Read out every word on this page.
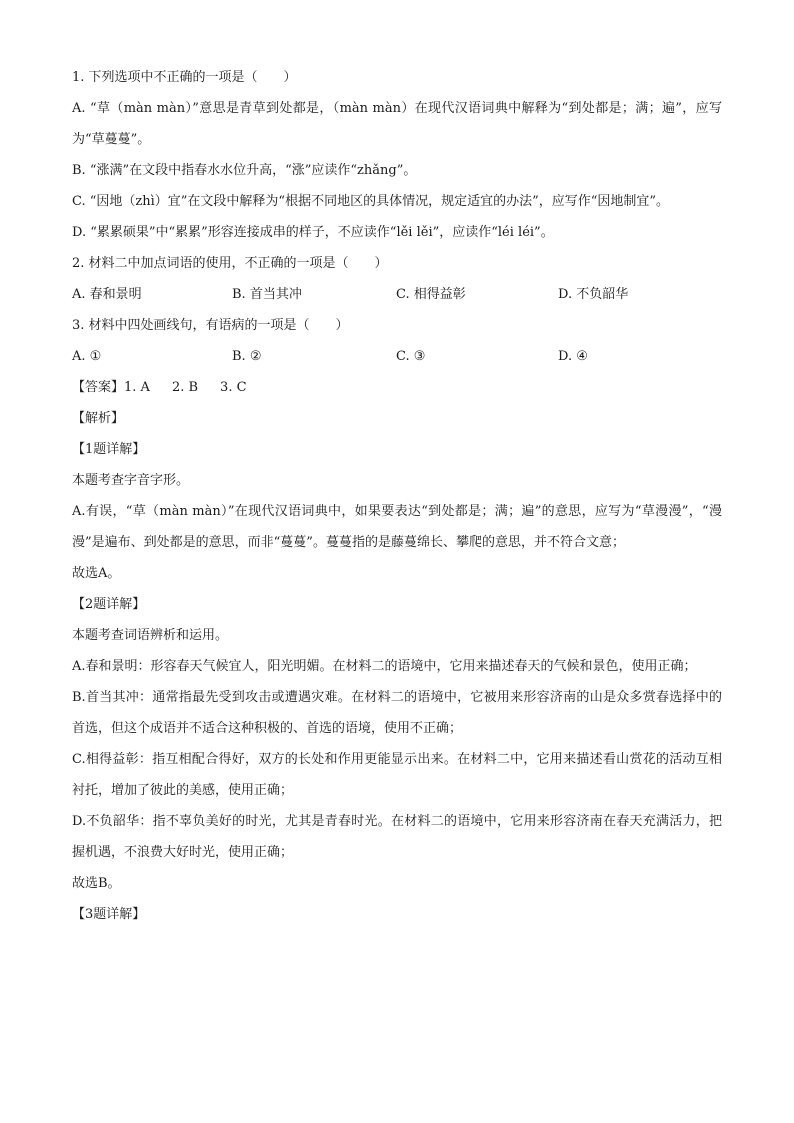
1. 下列选项中不正确的一项是（　　）
A. “草（màn màn）”意思是青草到处都是，（màn màn）在现代汉语词典中解释为“到处都是；满；遍”，应写为“草蔓蔓”。
B. “涨满”在文段中指春水水位升高，“涨”应读作“zhǎng”。
C. “因地（zhì）宜”在文段中解释为“根据不同地区的具体情况，规定适宜的办法”，应写作“因地制宜”。
D. “累累硕果”中“累累”形容连接成串的样子，不应读作“lěi lěi”，应读作“léi léi”。
2. 材料二中加点词语的使用，不正确的一项是（　　）
A. 春和景明	B. 首当其冲	C. 相得益彰	D. 不负韶华
3. 材料中四处画线句，有语病的一项是（　　）
A. ①	B. ②	C. ③	D. ④
【答案】1. A 2. B 3. C
【解析】
【1题详解】
本题考查字音字形。
A.有误，“草（màn màn）”在现代汉语词典中，如果要表达“到处都是；满；遍”的意思，应写为“草漫漫”，“漫漫”是遍布、到处都是的意思，而非“蔓蔓”。蔓蔓指的是藤蔓绵长、攀爬的意思，并不符合文意；
故选A。
【2题详解】
本题考查词语辨析和运用。
A.春和景明：形容春天气候宜人，阳光明媚。在材料二的语境中，它用来描述春天的气候和景色，使用正确；
B.首当其冲：通常指最先受到攻击或遭遇灾难。在材料二的语境中，它被用来形容济南的山是众多赏春选择中的首选，但这个成语并不适合这种积极的、首选的语境，使用不正确；
C.相得益彰：指互相配合得好，双方的长处和作用更能显示出来。在材料二中，它用来描述看山赏花的活动互相衬托，增加了彼此的美感，使用正确；
D.不负韶华：指不辜负美好的时光，尤其是青春时光。在材料二的语境中，它用来形容济南在春天充满活力，把握机遇，不浪费大好时光，使用正确；
故选B。
【3题详解】
